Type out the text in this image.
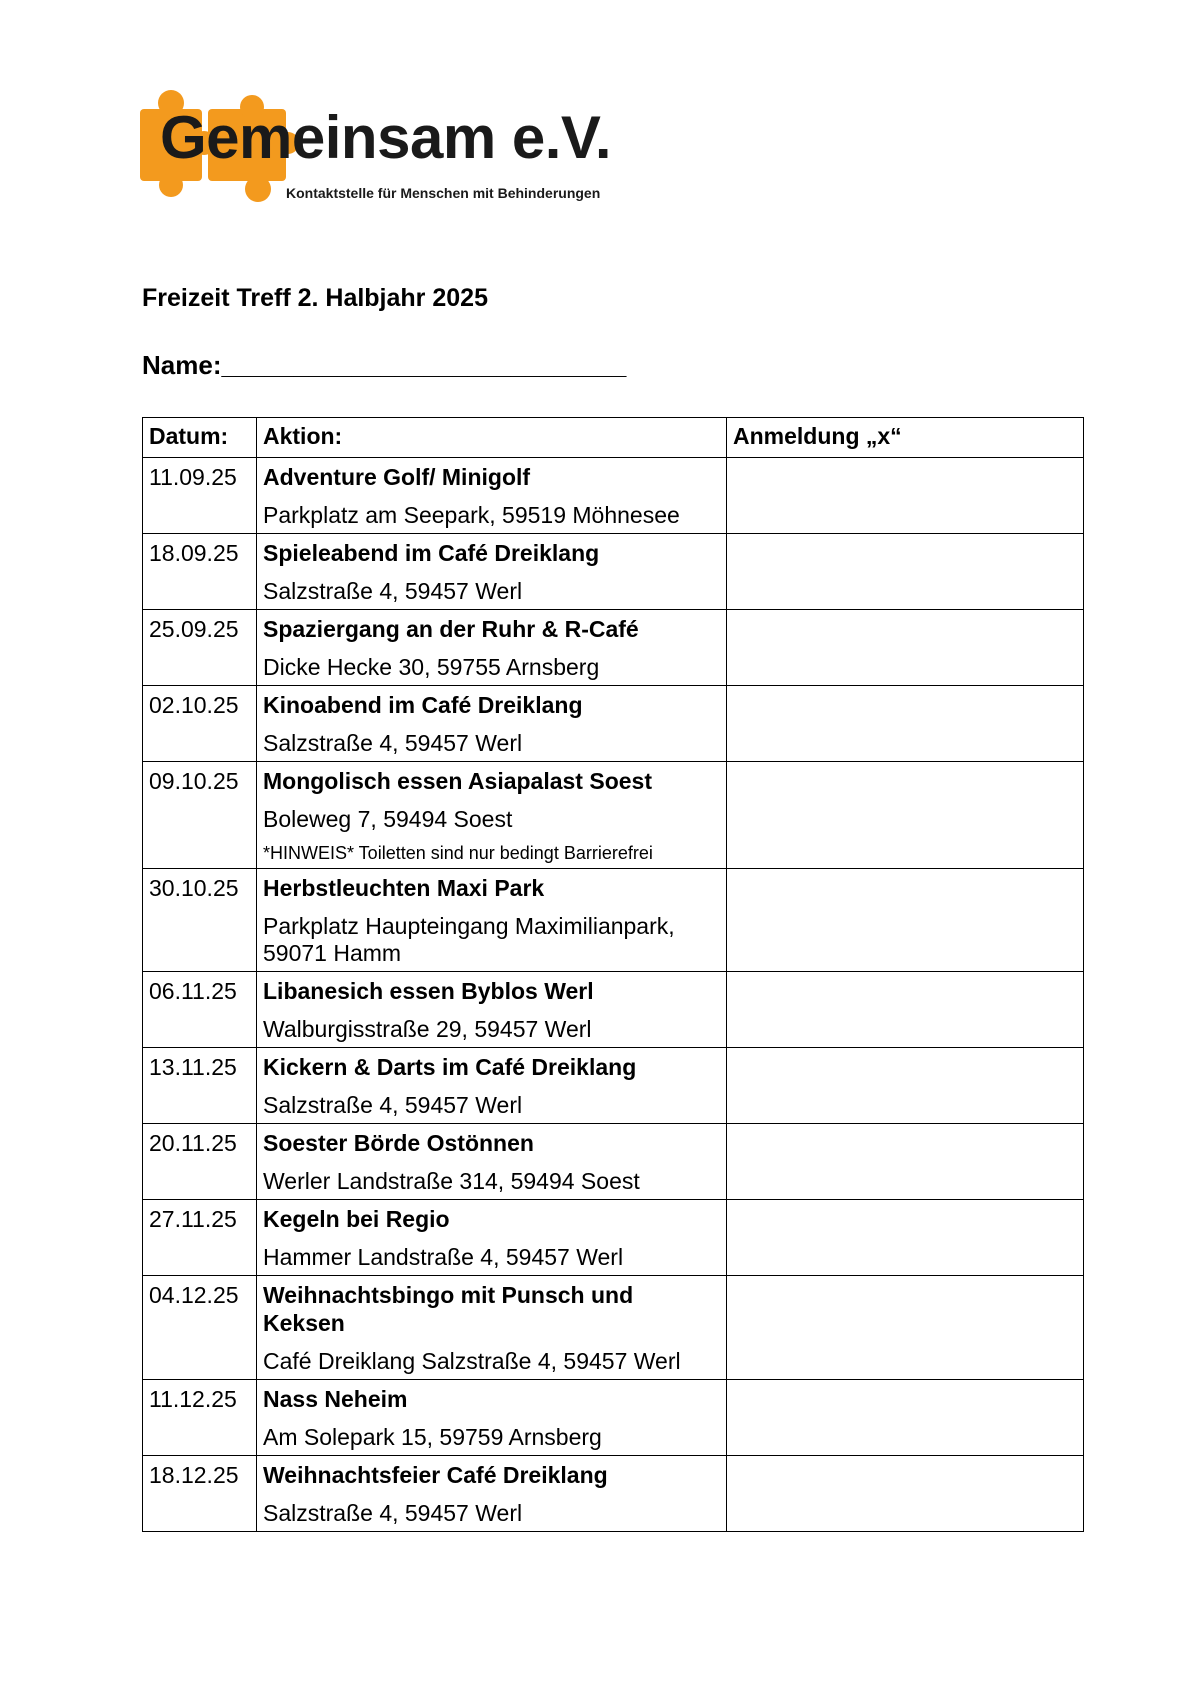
Gemeinsam e.V.
Kontaktstelle für Menschen mit Behinderungen
Freizeit Treff 2. Halbjahr 2025
Name:____________________________
Datum:	Aktion:	Anmeldung „x“
11.09.25	Adventure Golf/ Minigolf
Parkplatz am Seepark, 59519 Möhnesee	

18.09.25	Spieleabend im Café Dreiklang
Salzstraße 4, 59457 Werl	

25.09.25	Spaziergang an der Ruhr & R-Café
Dicke Hecke 30, 59755 Arnsberg	

02.10.25	Kinoabend im Café Dreiklang
Salzstraße 4, 59457 Werl	

09.10.25	Mongolisch essen Asiapalast Soest
Boleweg 7, 59494 Soest
*HINWEIS* Toiletten sind nur bedingt Barrierefrei	

30.10.25	Herbstleuchten Maxi Park
Parkplatz Haupteingang Maximilianpark, 59071 Hamm	

06.11.25	Libanesich essen Byblos Werl
Walburgisstraße 29, 59457 Werl	

13.11.25	Kickern & Darts im Café Dreiklang
Salzstraße 4, 59457 Werl	

20.11.25	Soester Börde Ostönnen
Werler Landstraße 314, 59494 Soest	

27.11.25	Kegeln bei Regio
Hammer Landstraße 4, 59457 Werl	

04.12.25	Weihnachtsbingo mit Punsch und Keksen
Café Dreiklang Salzstraße 4, 59457 Werl	

11.12.25	Nass Neheim
Am Solepark 15, 59759 Arnsberg	

18.12.25	Weihnachtsfeier Café Dreiklang
Salzstraße 4, 59457 Werl	
